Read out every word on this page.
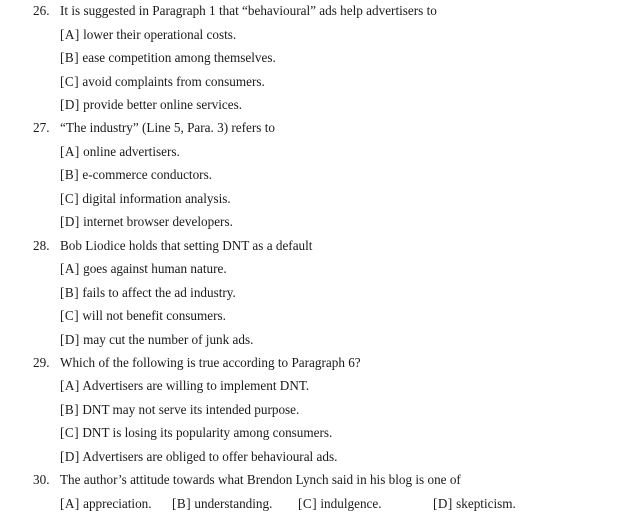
26. It is suggested in Paragraph 1 that “behavioural” ads help advertisers to
[A] lower their operational costs.
[B] ease competition among themselves.
[C] avoid complaints from consumers.
[D] provide better online services.
27. “The industry” (Line 5, Para. 3) refers to
[A] online advertisers.
[B] e-commerce conductors.
[C] digital information analysis.
[D] internet browser developers.
28. Bob Liodice holds that setting DNT as a default
[A] goes against human nature.
[B] fails to affect the ad industry.
[C] will not benefit consumers.
[D] may cut the number of junk ads.
29. Which of the following is true according to Paragraph 6?
[A] Advertisers are willing to implement DNT.
[B] DNT may not serve its intended purpose.
[C] DNT is losing its popularity among consumers.
[D] Advertisers are obliged to offer behavioural ads.
30. The author’s attitude towards what Brendon Lynch said in his blog is one of
[A] appreciation. [B] understanding. [C] indulgence.	[D] skepticism.
